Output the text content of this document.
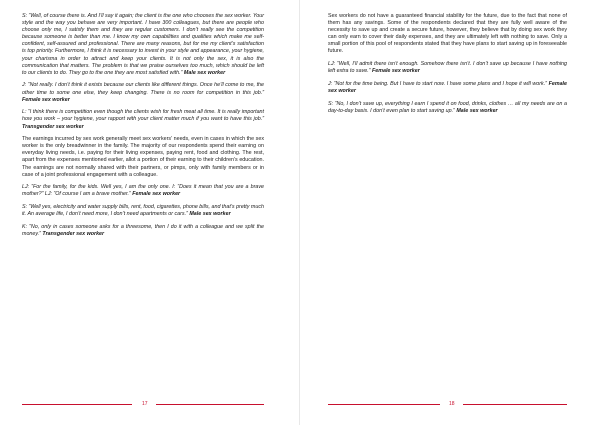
S: “Well, of course there is. And I’ll say it again; the client is the one who chooses the sex worker. Your style and the way you behave are very important. I have 300 colleagues, but there are people who choose only me, I satisfy them and they are regular customers. I don’t really see the competition because someone is better than me. I know my own capabilities and qualities which make me self-confident, self-assured and professional. There are many reasons, but for me my client’s satisfaction is top priority. Furthermore, I think it is necessary to invest in your style and appearance, your hygiene, your charisma in order to attract and keep your clients. It is not only the sex, it is also the communication that matters. The problem is that we praise ourselves too much, which should be left to our clients to do. They go to the one they are most satisfied with.” Male sex worker

J: “Not really. I don’t think it exists because our clients like different things. Once he’ll come to me, the other time to some one else, they keep changing. There is no room for competition in this job.” Female sex worker

L: “I think there is competition even though the clients wish for fresh meat all time. It is really important how you work – your hygiene, your rapport with your client matter much if you want to have this job.” Transgender sex worker

The earnings incurred by sex work generally meet sex workers’ needs, even in cases in which the sex worker is the only breadwinner in the family. The majority of our respondents spend their earning on everyday living needs, i.e. paying for their living expenses, paying rent, food and clothing. The rest, apart from the expenses mentioned earlier, allot a portion of their earning to their children’s education. The earnings are not normally shared with their partners, or pimps, only with family members or in case of a joint professional engagement with a colleague.

LJ: “For the family, for the kids. Well yes, I am the only one. I: “Does it mean that you are a brave mother?” LJ: “Of course I am a brave mother.” Female sex worker

S: “Well yes, electricity and water supply bills, rent, food, cigarettes, phone bills, and that’s pretty much it. An average life, I don’t need more, I don’t need apartments or cars.” Male sex worker

K: “No, only in cases someone asks for a threesome, then I do it with a colleague and we split the money.” Transgender sex worker

17

Sex workers do not have a guaranteed financial stability for the future, due to the fact that none of them has any savings. Some of the respondents declared that they are fully well aware of the necessity to save up and create a secure future, however, they believe that by doing sex work they can only earn to cover their daily expenses, and they are ultimately left with nothing to save. Only a small portion of this pool of respondents stated that they have plans to start saving up in foreseeable future.

LJ: “Well, I’ll admit there isn’t enough. Somehow there isn’t. I don’t save up because I have nothing left extra to save.” Female sex worker

J: “Not for the time being. But I have to start now. I have some plans and I hope it will work.” Female sex worker

S: “No, I don’t save up, everything I earn I spend it on food, drinks, clothes … all my needs are on a day-to-day basis. I don’t even plan to start saving up.” Male sex worker

18
